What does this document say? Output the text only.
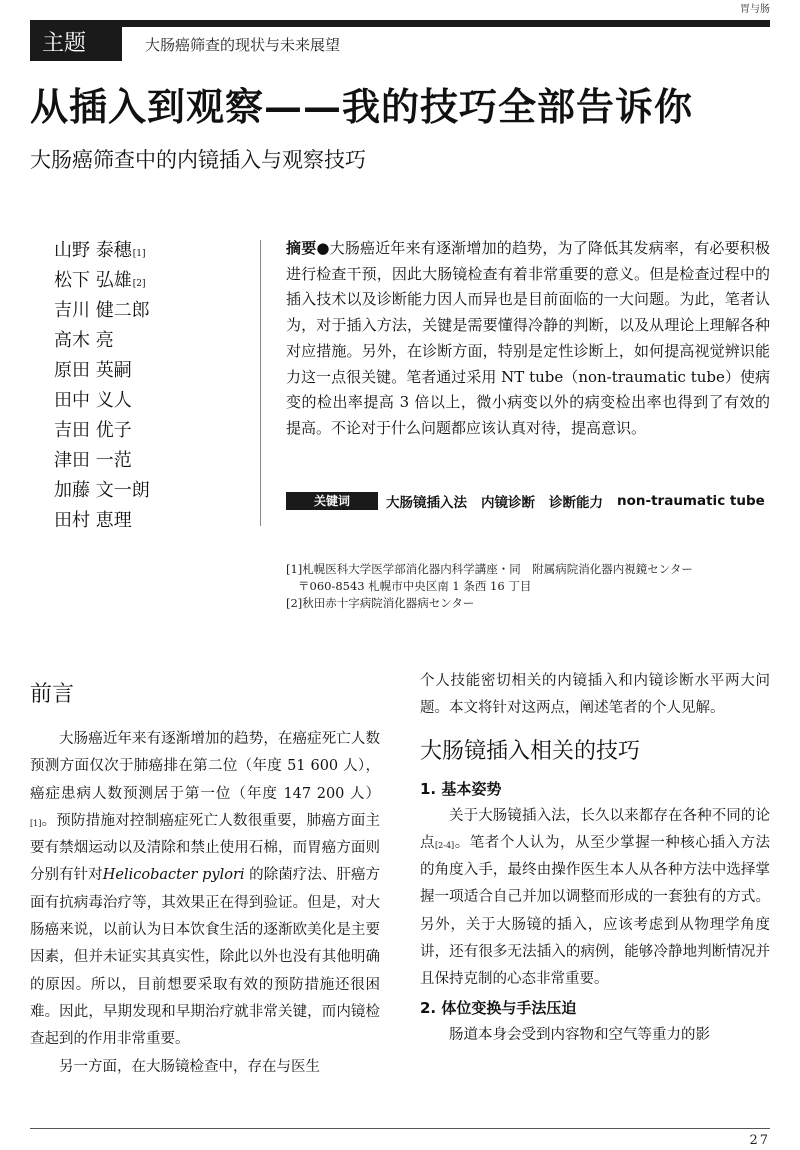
胃与肠
主题	大肠癌筛查的现状与未来展望
从插入到观察——我的技巧全部告诉你
大肠癌筛查中的内镜插入与观察技巧
山野 泰穗[1]
松下 弘雄[2]
吉川 健二郎
高木 亮
原田 英嗣
田中 义人
吉田 优子
津田 一范
加藤 文一朗
田村 恵理
摘要●大肠癌近年来有逐渐增加的趋势，为了降低其发病率，有必要积极进行检查干预，因此大肠镜检查有着非常重要的意义。但是检查过程中的插入技术以及诊断能力因人而异也是目前面临的一大问题。为此，笔者认为，对于插入方法，关键是需要懂得冷静的判断，以及从理论上理解各种对应措施。另外，在诊断方面，特别是定性诊断上，如何提高视觉辨识能力这一点很关键。笔者通过采用 NT tube（non-traumatic tube）使病变的检出率提高 3 倍以上，微小病变以外的病变检出率也得到了有效的提高。不论对于什么问题都应该认真对待，提高意识。
关键词	大肠镜插入法 内镜诊断 诊断能力 non-traumatic tube
[1]札幌医科大学医学部消化器内科学講座・同　附属病院消化器内視鏡センター
〒060-8543 札幌市中央区南 1 条西 16 丁目
[2]秋田赤十字病院消化器病センター
前言

大肠癌近年来有逐渐增加的趋势，在癌症死亡人数预测方面仅次于肺癌排在第二位（年度 51 600 人），癌症患病人数预测居于第一位（年度 147 200 人）[1]。预防措施对控制癌症死亡人数很重要，肺癌方面主要有禁烟运动以及清除和禁止使用石棉，而胃癌方面则分别有针对Helicobacter pylori 的除菌疗法、肝癌方面有抗病毒治疗等，其效果正在得到验证。但是，对大肠癌来说，以前认为日本饮食生活的逐渐欧美化是主要因素，但并未证实其真实性，除此以外也没有其他明确的原因。所以，目前想要采取有效的预防措施还很困难。因此，早期发现和早期治疗就非常关键，而内镜检查起到的作用非常重要。

另一方面，在大肠镜检查中，存在与医生

个人技能密切相关的内镜插入和内镜诊断水平两大问题。本文将针对这两点，阐述笔者的个人见解。

大肠镜插入相关的技巧
1. 基本姿势

关于大肠镜插入法，长久以来都存在各种不同的论点[2-4]。笔者个人认为，从至少掌握一种核心插入方法的角度入手，最终由操作医生本人从各种方法中选择掌握一项适合自己并加以调整而形成的一套独有的方式。另外，关于大肠镜的插入，应该考虑到从物理学角度讲，还有很多无法插入的病例，能够冷静地判断情况并且保持克制的心态非常重要。

2. 体位变换与手法压迫

肠道本身会受到内容物和空气等重力的影

27
